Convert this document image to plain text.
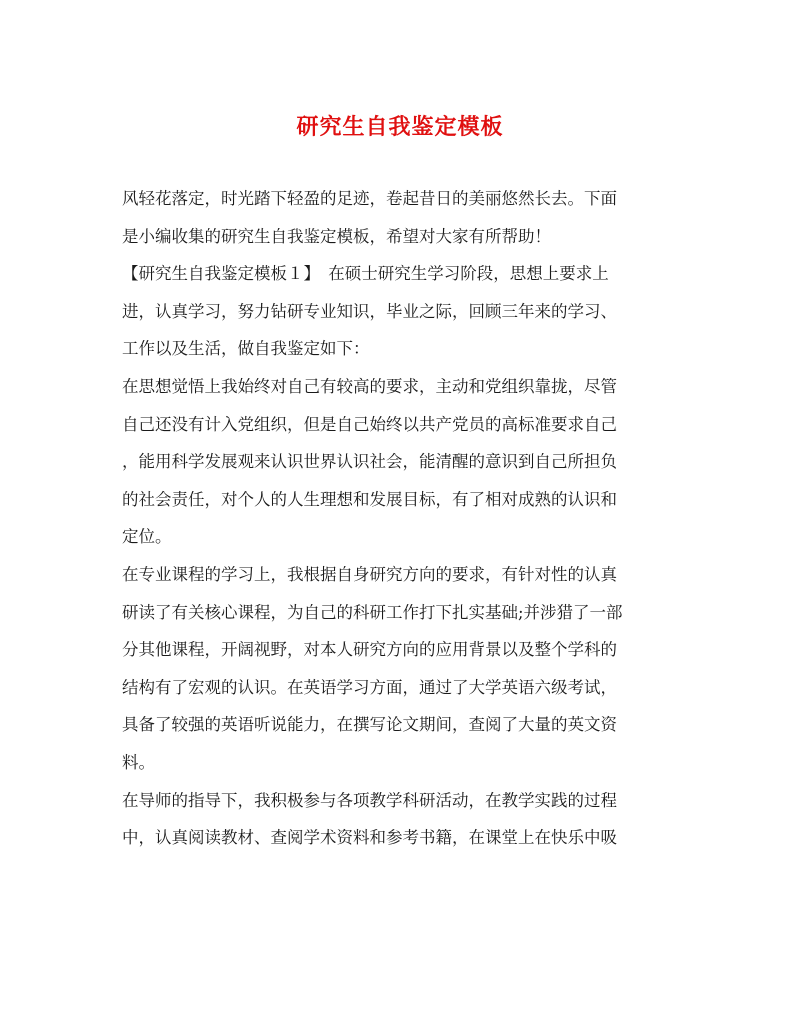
研究生自我鉴定模板
风轻花落定，时光踏下轻盈的足迹，卷起昔日的美丽悠然长去。下面
是小编收集的研究生自我鉴定模板，希望对大家有所帮助！
【研究生自我鉴定模板１】　在硕士研究生学习阶段，思想上要求上
进，认真学习，努力钻研专业知识，毕业之际，回顾三年来的学习、
工作以及生活，做自我鉴定如下：
在思想觉悟上我始终对自己有较高的要求，主动和党组织靠拢，尽管
自己还没有计入党组织，但是自己始终以共产党员的高标准要求自己
，能用科学发展观来认识世界认识社会，能清醒的意识到自己所担负
的社会责任，对个人的人生理想和发展目标，有了相对成熟的认识和
定位。
在专业课程的学习上，我根据自身研究方向的要求，有针对性的认真
研读了有关核心课程，为自己的科研工作打下扎实基础;并涉猎了一部
分其他课程，开阔视野，对本人研究方向的应用背景以及整个学科的
结构有了宏观的认识。在英语学习方面，通过了大学英语六级考试，
具备了较强的英语听说能力，在撰写论文期间，查阅了大量的英文资
料。
在导师的指导下，我积极参与各项教学科研活动，在教学实践的过程
中，认真阅读教材、查阅学术资料和参考书籍，在课堂上在快乐中吸
